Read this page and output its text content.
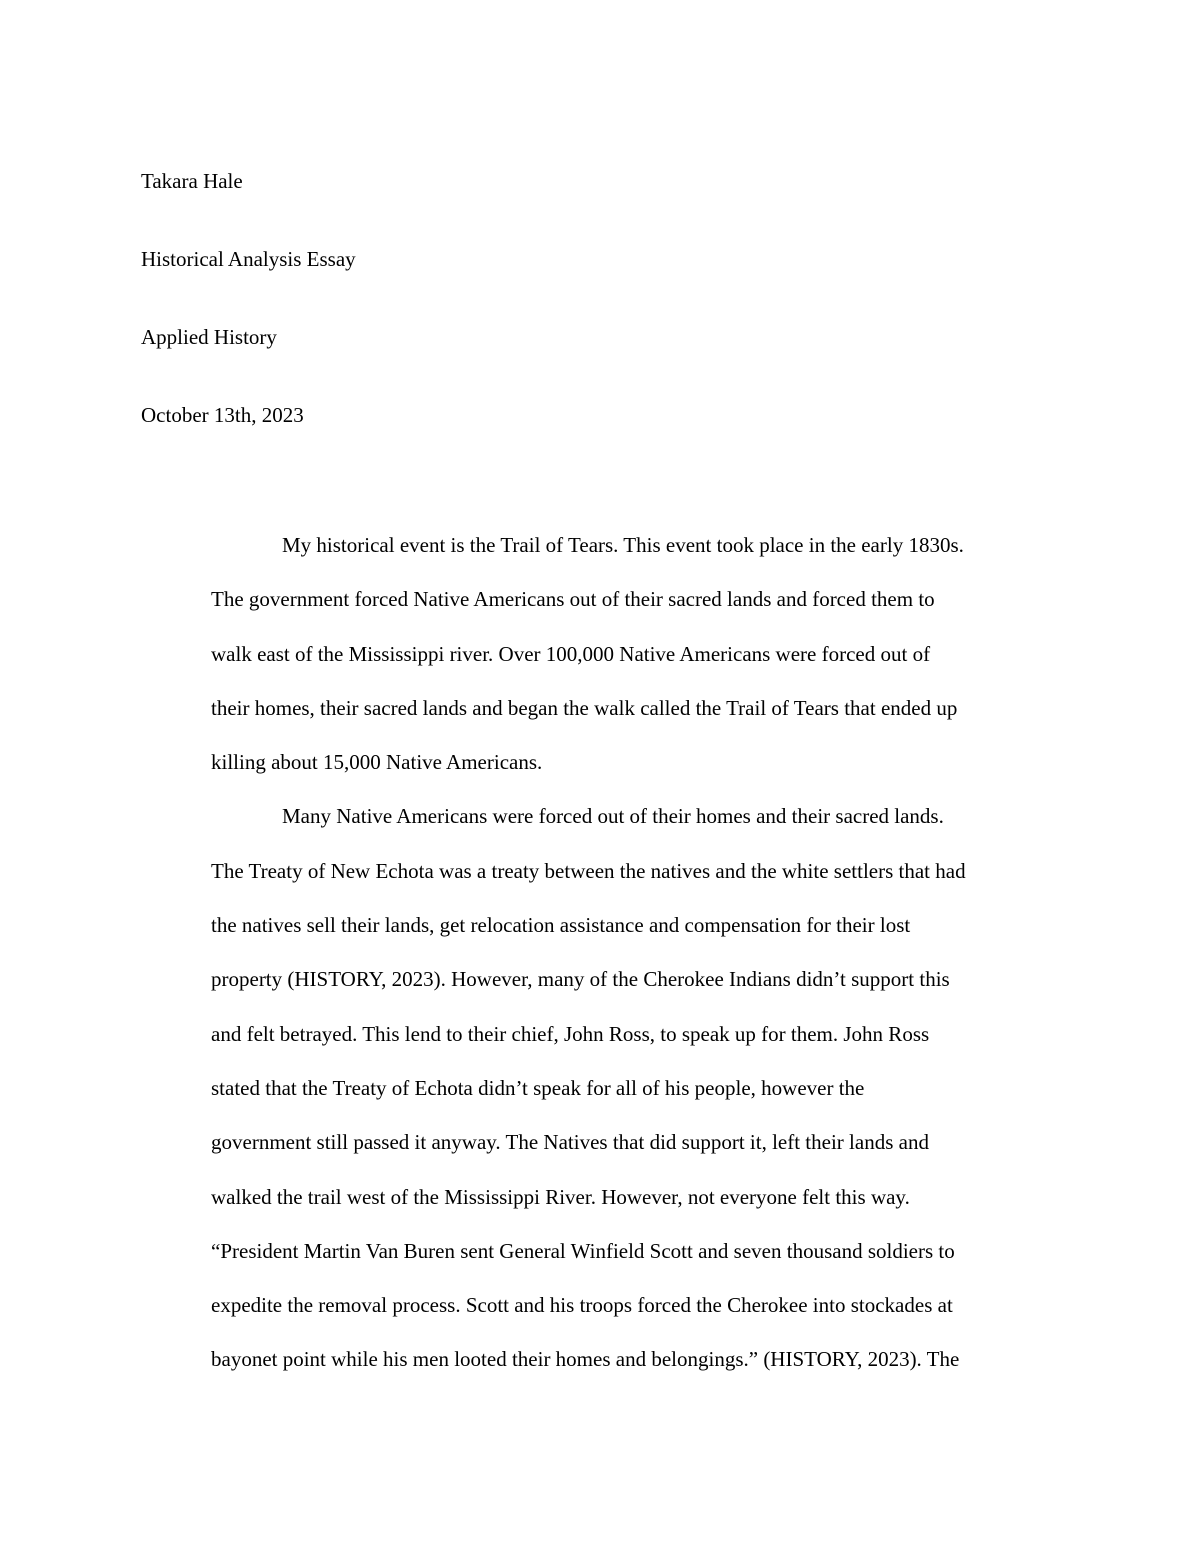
Takara Hale
Historical Analysis Essay
Applied History
October 13th, 2023
My historical event is the Trail of Tears. This event took place in the early 1830s.
The government forced Native Americans out of their sacred lands and forced them to
walk east of the Mississippi river. Over 100,000 Native Americans were forced out of
their homes, their sacred lands and began the walk called the Trail of Tears that ended up
killing about 15,000 Native Americans.
Many Native Americans were forced out of their homes and their sacred lands.
The Treaty of New Echota was a treaty between the natives and the white settlers that had
the natives sell their lands, get relocation assistance and compensation for their lost
property (HISTORY, 2023). However, many of the Cherokee Indians didn’t support this
and felt betrayed. This lend to their chief, John Ross, to speak up for them. John Ross
stated that the Treaty of Echota didn’t speak for all of his people, however the
government still passed it anyway. The Natives that did support it, left their lands and
walked the trail west of the Mississippi River. However, not everyone felt this way.
“President Martin Van Buren sent General Winfield Scott and seven thousand soldiers to
expedite the removal process. Scott and his troops forced the Cherokee into stockades at
bayonet point while his men looted their homes and belongings.” (HISTORY, 2023). The
